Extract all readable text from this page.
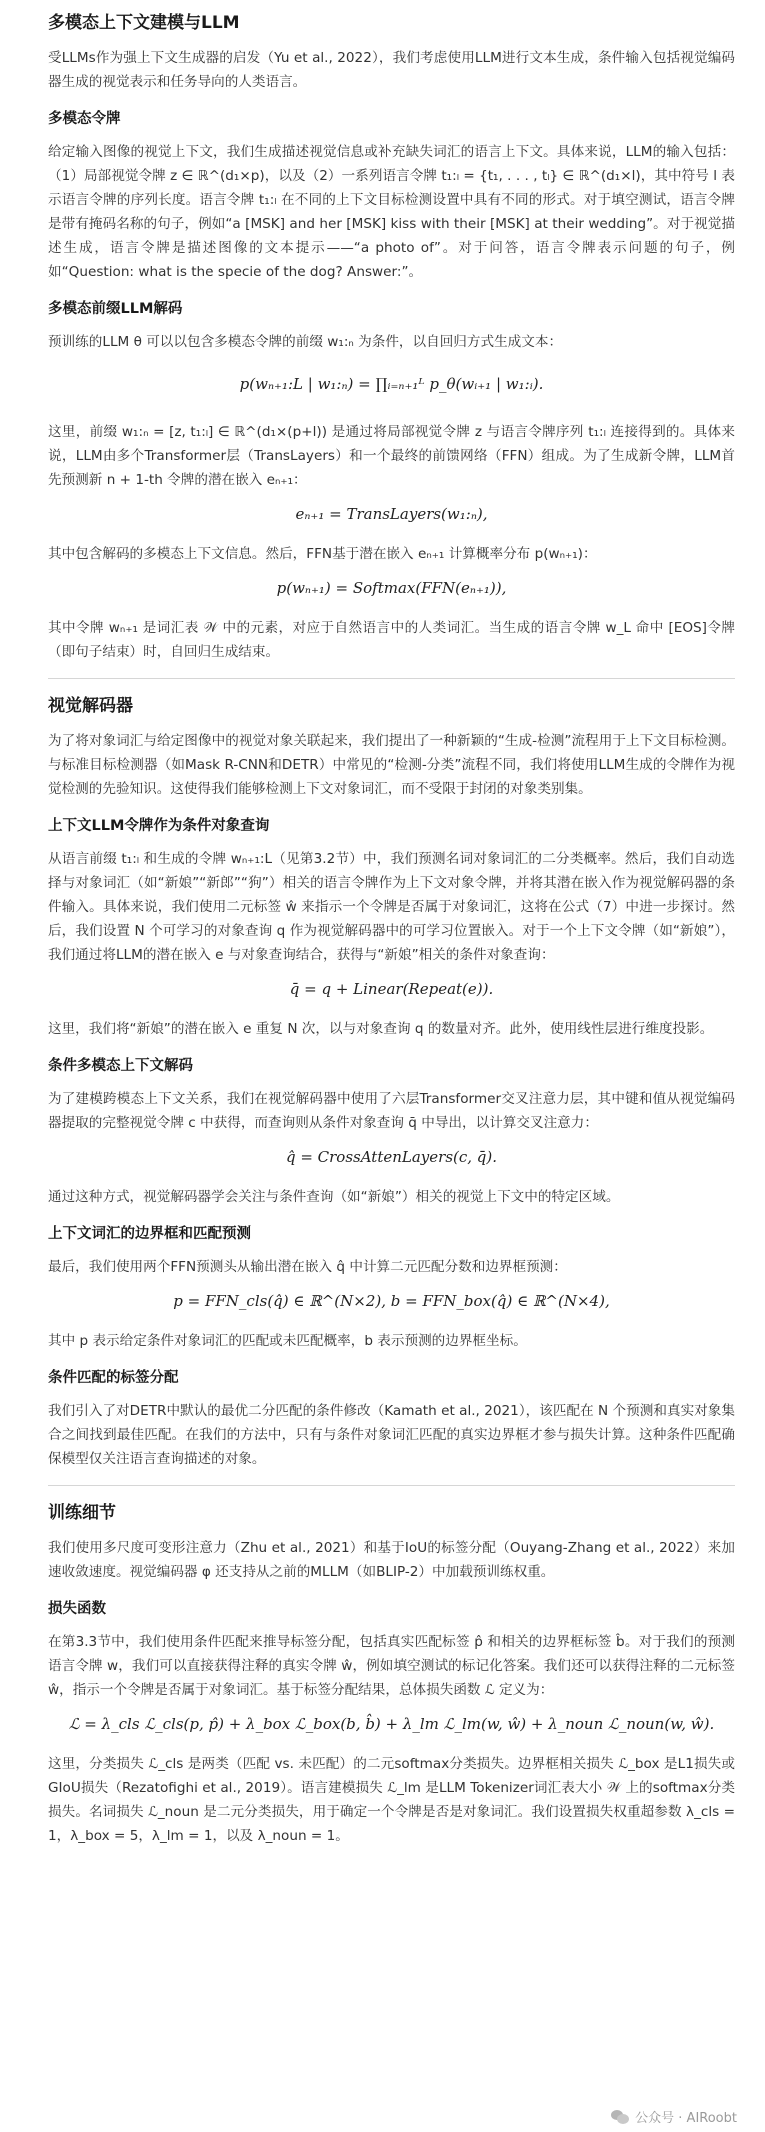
多模态上下文建模与LLM

受LLMs作为强上下文生成器的启发（Yu et al., 2022），我们考虑使用LLM进行文本生成，条件输入包括视觉编码器生成的视觉表示和任务导向的人类语言。

多模态令牌

给定输入图像的视觉上下文，我们生成描述视觉信息或补充缺失词汇的语言上下文。具体来说，LLM的输入包括：（1）局部视觉令牌 z ∈ ℝ^(d₁×p)，以及（2）一系列语言令牌 t₁:ₗ = {t₁, . . . , tₗ} ∈ ℝ^(d₁×l)，其中符号 l 表示语言令牌的序列长度。语言令牌 t₁:ₗ 在不同的上下文目标检测设置中具有不同的形式。对于填空测试，语言令牌是带有掩码名称的句子，例如“a [MSK] and her [MSK] kiss with their [MSK] at their wedding”。对于视觉描述生成，语言令牌是描述图像的文本提示——“a photo of”。对于问答，语言令牌表示问题的句子，例如“Question: what is the specie of the dog? Answer:”。

多模态前缀LLM解码

预训练的LLM θ 可以以包含多模态令牌的前缀 w₁:ₙ 为条件，以自回归方式生成文本：

p(wₙ₊₁:L | w₁:ₙ) = ∏ᵢ₌ₙ₊₁ᴸ p_θ(wᵢ₊₁ | w₁:ᵢ).

这里，前缀 w₁:ₙ = [z, t₁:ₗ] ∈ ℝ^(d₁×(p+l)) 是通过将局部视觉令牌 z 与语言令牌序列 t₁:ₗ 连接得到的。具体来说，LLM由多个Transformer层（TransLayers）和一个最终的前馈网络（FFN）组成。为了生成新令牌，LLM首先预测新 n + 1-th 令牌的潜在嵌入 eₙ₊₁：

eₙ₊₁ = TransLayers(w₁:ₙ),

其中包含解码的多模态上下文信息。然后，FFN基于潜在嵌入 eₙ₊₁ 计算概率分布 p(wₙ₊₁)：

p(wₙ₊₁) = Softmax(FFN(eₙ₊₁)),

其中令牌 wₙ₊₁ 是词汇表 𝒲 中的元素，对应于自然语言中的人类词汇。当生成的语言令牌 w_L 命中 [EOS]令牌（即句子结束）时，自回归生成结束。

视觉解码器

为了将对象词汇与给定图像中的视觉对象关联起来，我们提出了一种新颖的“生成-检测”流程用于上下文目标检测。与标准目标检测器（如Mask R-CNN和DETR）中常见的“检测-分类”流程不同，我们将使用LLM生成的令牌作为视觉检测的先验知识。这使得我们能够检测上下文对象词汇，而不受限于封闭的对象类别集。

上下文LLM令牌作为条件对象查询

从语言前缀 t₁:ₗ 和生成的令牌 wₙ₊₁:L（见第3.2节）中，我们预测名词对象词汇的二分类概率。然后，我们自动选择与对象词汇（如“新娘”“新郎”“狗”）相关的语言令牌作为上下文对象令牌，并将其潜在嵌入作为视觉解码器的条件输入。具体来说，我们使用二元标签 ŵ 来指示一个令牌是否属于对象词汇，这将在公式（7）中进一步探讨。然后，我们设置 N 个可学习的对象查询 q 作为视觉解码器中的可学习位置嵌入。对于一个上下文令牌（如“新娘”），我们通过将LLM的潜在嵌入 e 与对象查询结合，获得与“新娘”相关的条件对象查询：

q̄ = q + Linear(Repeat(e)).

这里，我们将“新娘”的潜在嵌入 e 重复 N 次，以与对象查询 q 的数量对齐。此外，使用线性层进行维度投影。

条件多模态上下文解码

为了建模跨模态上下文关系，我们在视觉解码器中使用了六层Transformer交叉注意力层，其中键和值从视觉编码器提取的完整视觉令牌 c 中获得，而查询则从条件对象查询 q̄ 中导出，以计算交叉注意力：

q̂ = CrossAttenLayers(c, q̄).

通过这种方式，视觉解码器学会关注与条件查询（如“新娘”）相关的视觉上下文中的特定区域。

上下文词汇的边界框和匹配预测

最后，我们使用两个FFN预测头从输出潜在嵌入 q̂ 中计算二元匹配分数和边界框预测：

p = FFN_cls(q̂) ∈ ℝ^(N×2), b = FFN_box(q̂) ∈ ℝ^(N×4),

其中 p 表示给定条件对象词汇的匹配或未匹配概率，b 表示预测的边界框坐标。

条件匹配的标签分配

我们引入了对DETR中默认的最优二分匹配的条件修改（Kamath et al., 2021），该匹配在 N 个预测和真实对象集合之间找到最佳匹配。在我们的方法中，只有与条件对象词汇匹配的真实边界框才参与损失计算。这种条件匹配确保模型仅关注语言查询描述的对象。

训练细节

我们使用多尺度可变形注意力（Zhu et al., 2021）和基于IoU的标签分配（Ouyang-Zhang et al., 2022）来加速收敛速度。视觉编码器 φ 还支持从之前的MLLM（如BLIP-2）中加载预训练权重。

损失函数

在第3.3节中，我们使用条件匹配来推导标签分配，包括真实匹配标签 p̂ 和相关的边界框标签 b̂。对于我们的预测语言令牌 w，我们可以直接获得注释的真实令牌 ŵ，例如填空测试的标记化答案。我们还可以获得注释的二元标签 ŵ，指示一个令牌是否属于对象词汇。基于标签分配结果，总体损失函数 ℒ 定义为：

ℒ = λ_cls ℒ_cls(p, p̂) + λ_box ℒ_box(b, b̂) + λ_lm ℒ_lm(w, ŵ) + λ_noun ℒ_noun(w, ŵ).

这里，分类损失 ℒ_cls 是两类（匹配 vs. 未匹配）的二元softmax分类损失。边界框相关损失 ℒ_box 是L1损失或GIoU损失（Rezatofighi et al., 2019）。语言建模损失 ℒ_lm 是LLM Tokenizer词汇表大小 𝒲 上的softmax分类损失。名词损失 ℒ_noun 是二元分类损失，用于确定一个令牌是否是对象词汇。我们设置损失权重超参数 λ_cls = 1，λ_box = 5，λ_lm = 1，以及 λ_noun = 1。

公众号 · AIRoobt
